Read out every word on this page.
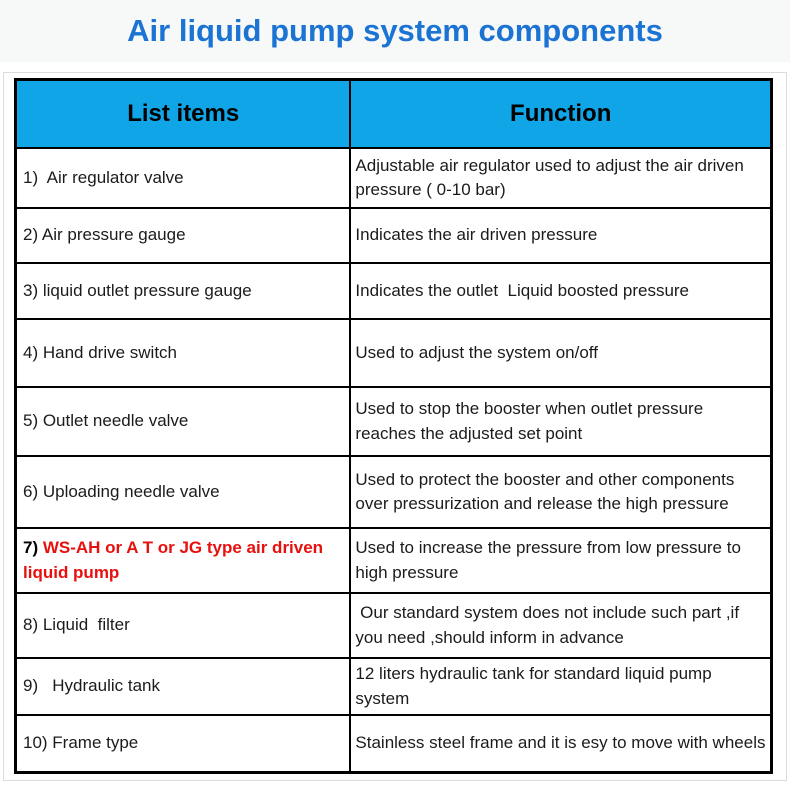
Air liquid pump system components
List items	Function
1)  Air regulator valve	Adjustable air regulator used to adjust the air driven pressure ( 0-10 bar)
2) Air pressure gauge	Indicates the air driven pressure
3) liquid outlet pressure gauge	Indicates the outlet  Liquid boosted pressure
4) Hand drive switch	Used to adjust the system on/off
5) Outlet needle valve	Used to stop the booster when outlet pressure reaches the adjusted set point
6) Uploading needle valve	Used to protect the booster and other components over pressurization and release the high pressure
7) WS-AH or A T or JG type air driven liquid pump	Used to increase the pressure from low pressure to high pressure
8) Liquid  filter	Our standard system does not include such part ,if you need ,should inform in advance
9)   Hydraulic tank	12 liters hydraulic tank for standard liquid pump system
10) Frame type	Stainless steel frame and it is esy to move with wheels
